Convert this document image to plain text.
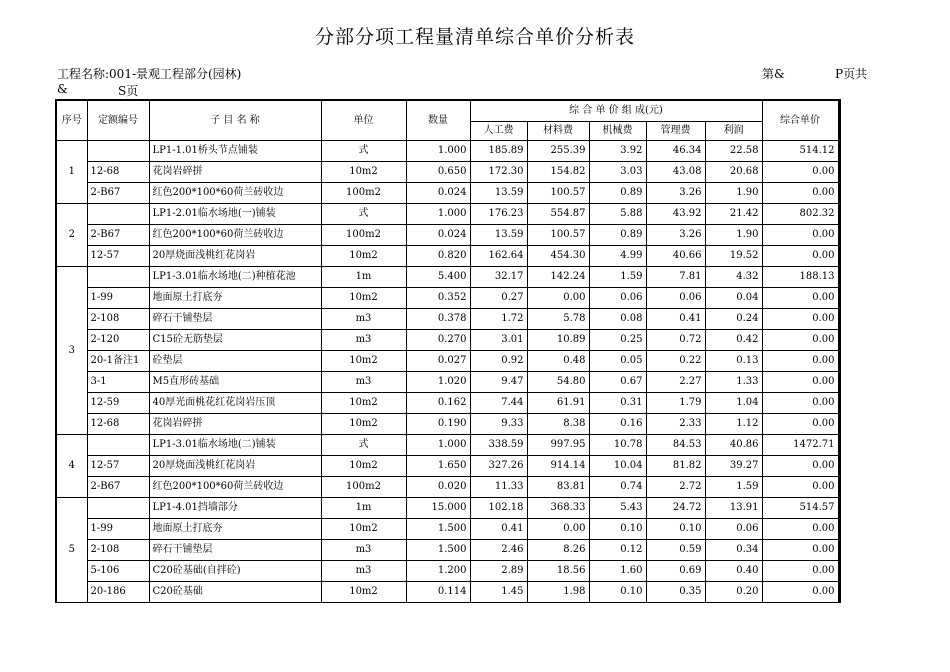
分部分项工程量清单综合单价分析表
工程名称:001-景观工程部分(园林)
&	S页
第&	P页共
序号	定额编号	子 目 名 称	单位	数量	综 合 单 价 组 成(元)					综合单价
					人工费	材料费	机械费	管理费	利润	
1		LP1-1.01桥头节点铺装	式	1.000	185.89	255.39	3.92	46.34	22.58	514.12
	12-68	花岗岩碎拼	10m2	0.650	172.30	154.82	3.03	43.08	20.68	0.00
	2-B67	红色200*100*60荷兰砖收边	100m2	0.024	13.59	100.57	0.89	3.26	1.90	0.00
2		LP1-2.01临水场地(一)铺装	式	1.000	176.23	554.87	5.88	43.92	21.42	802.32
	2-B67	红色200*100*60荷兰砖收边	100m2	0.024	13.59	100.57	0.89	3.26	1.90	0.00
	12-57	20厚烧面浅桃红花岗岩	10m2	0.820	162.64	454.30	4.99	40.66	19.52	0.00
3		LP1-3.01临水场地(二)种植花池	1m	5.400	32.17	142.24	1.59	7.81	4.32	188.13
	1-99	地面原土打底夯	10m2	0.352	0.27	0.00	0.06	0.06	0.04	0.00
	2-108	碎石干铺垫层	m3	0.378	1.72	5.78	0.08	0.41	0.24	0.00
	2-120	C15砼无筋垫层	m3	0.270	3.01	10.89	0.25	0.72	0.42	0.00
	20-1备注1	砼垫层	10m2	0.027	0.92	0.48	0.05	0.22	0.13	0.00
	3-1	M5直形砖基础	m3	1.020	9.47	54.80	0.67	2.27	1.33	0.00
	12-59	40厚光面桃花红花岗岩压顶	10m2	0.162	7.44	61.91	0.31	1.79	1.04	0.00
	12-68	花岗岩碎拼	10m2	0.190	9.33	8.38	0.16	2.33	1.12	0.00
4		LP1-3.01临水场地(二)铺装	式	1.000	338.59	997.95	10.78	84.53	40.86	1472.71
	12-57	20厚烧面浅桃红花岗岩	10m2	1.650	327.26	914.14	10.04	81.82	39.27	0.00
	2-B67	红色200*100*60荷兰砖收边	100m2	0.020	11.33	83.81	0.74	2.72	1.59	0.00
5		LP1-4.01挡墙部分	1m	15.000	102.18	368.33	5.43	24.72	13.91	514.57
	1-99	地面原土打底夯	10m2	1.500	0.41	0.00	0.10	0.10	0.06	0.00
	2-108	碎石干铺垫层	m3	1.500	2.46	8.26	0.12	0.59	0.34	0.00
	5-106	C20砼基础(自拌砼)	m3	1.200	2.89	18.56	1.60	0.69	0.40	0.00
	20-186	C20砼基础	10m2	0.114	1.45	1.98	0.10	0.35	0.20	0.00
